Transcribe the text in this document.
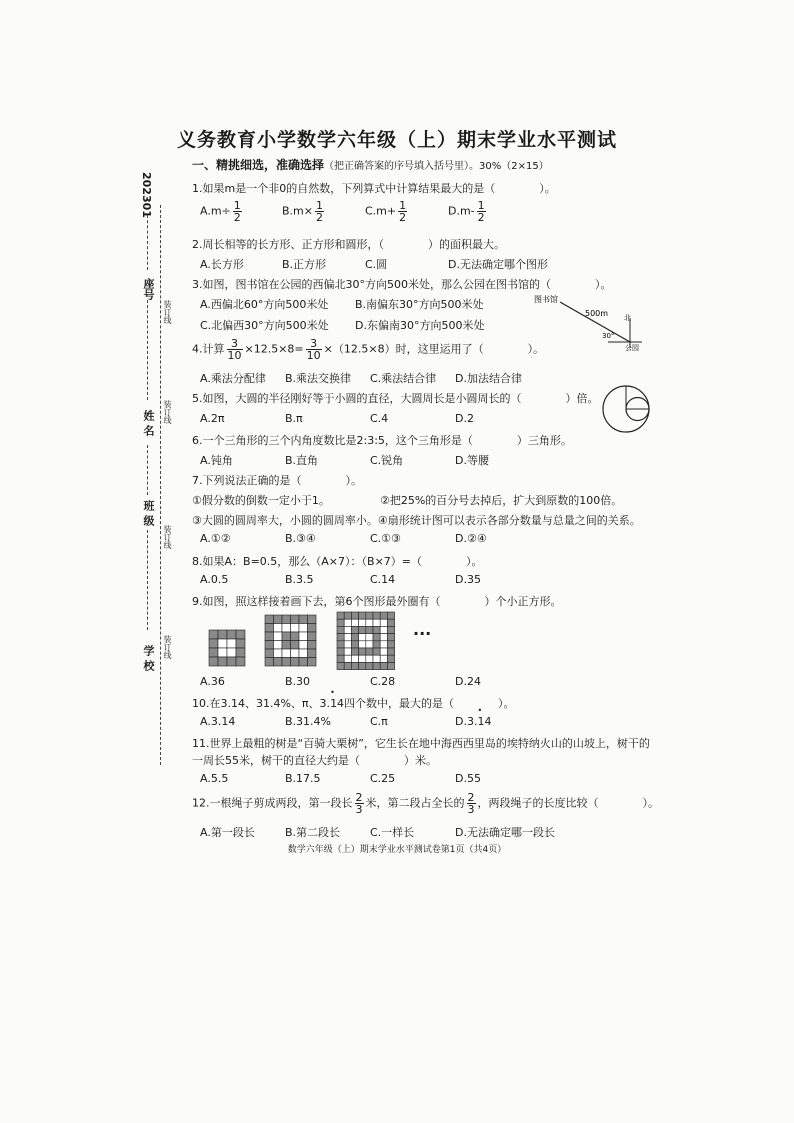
202301
座号
姓 名
班 级
学 校
装订线
装订线
装订线
装订线
义务教育小学数学六年级（上）期末学业水平测试
一、精挑细选，准确选择（把正确答案的序号填入括号里）。30%（2×15）
1.如果m是一个非0的自然数，下列算式中计算结果最大的是（　　　　）。
$A.m\div \frac{1}{2}$	$B.m\times \frac{1}{2}$	$C.m+ \frac{1}{2}$	$D.m- \frac{1}{2}$
2.周长相等的长方形、正方形和圆形，（　　　　）的面积最大。
A.长方形	B.正方形	C.圆	D.无法确定哪个图形
3.如图，图书馆在公园的西偏北30°方向500米处，那么公园在图书馆的（　　　　）。
A.西偏北60°方向500米处 B.南偏东30°方向500米处
C.北偏西30°方向500米处 D.东偏南30°方向500米处
图书馆
500m 北
30°
公园
4.计算 $\frac{3}{10} \times 12.5\times 8= \frac{3}{10} \times(12.5\times 8)$时，这里运用了（　　　　）。
A.乘法分配律 B.乘法交换律 C.乘法结合律 D.加法结合律
5.如图，大圆的半径刚好等于小圆的直径，大圆周长是小圆周长的（　　　　）倍。
A.2π	B.π	C.4	D.2
6.一个三角形的三个内角度数比是2:3:5，这个三角形是（　　　　）三角形。
A.钝角	B.直角	C.锐角	D.等腰
7.下列说法正确的是（　　　　）。
①假分数的倒数一定小于1。	②把25%的百分号去掉后，扩大到原数的100倍。
③大圆的圆周率大，小圆的圆周率小。④扇形统计图可以表示各部分数量与总量之间的关系。
A.①②	B.③④	C.①③	D.②④
8.如果A：B=0.5，那么（A×7）：（B×7）=（　　　　）。
A.0.5	B.3.5	C.14	D.35
9.如图，照这样接着画下去，第6个图形最外圈有（　　　　）个小正方形。
···
A.36	B.30	C.28	D.24
10.在3.14、31.4%、π、3.• 14四个数中，最大的是（　　　　）。
A.3.14	B.31.4%	C.π	D.3.• 14
11.世界上最粗的树是“百骑大栗树”，它生长在地中海西西里岛的埃特纳火山的山坡上，树干的
一周长55米，树干的直径大约是（　　　　）米。
A.5.5	B.17.5	C.25	D.55
12.一根绳子剪成两段，第一段长 $\frac{2}{3}$ 米，第二段占全长的 $\frac{2}{3}$ ，两段绳子的长度比较（　　　　）。
A.第一段长	B.第二段长	C.一样长	D.无法确定哪一段长
数学六年级（上）期末学业水平测试卷第1页（共4页）
